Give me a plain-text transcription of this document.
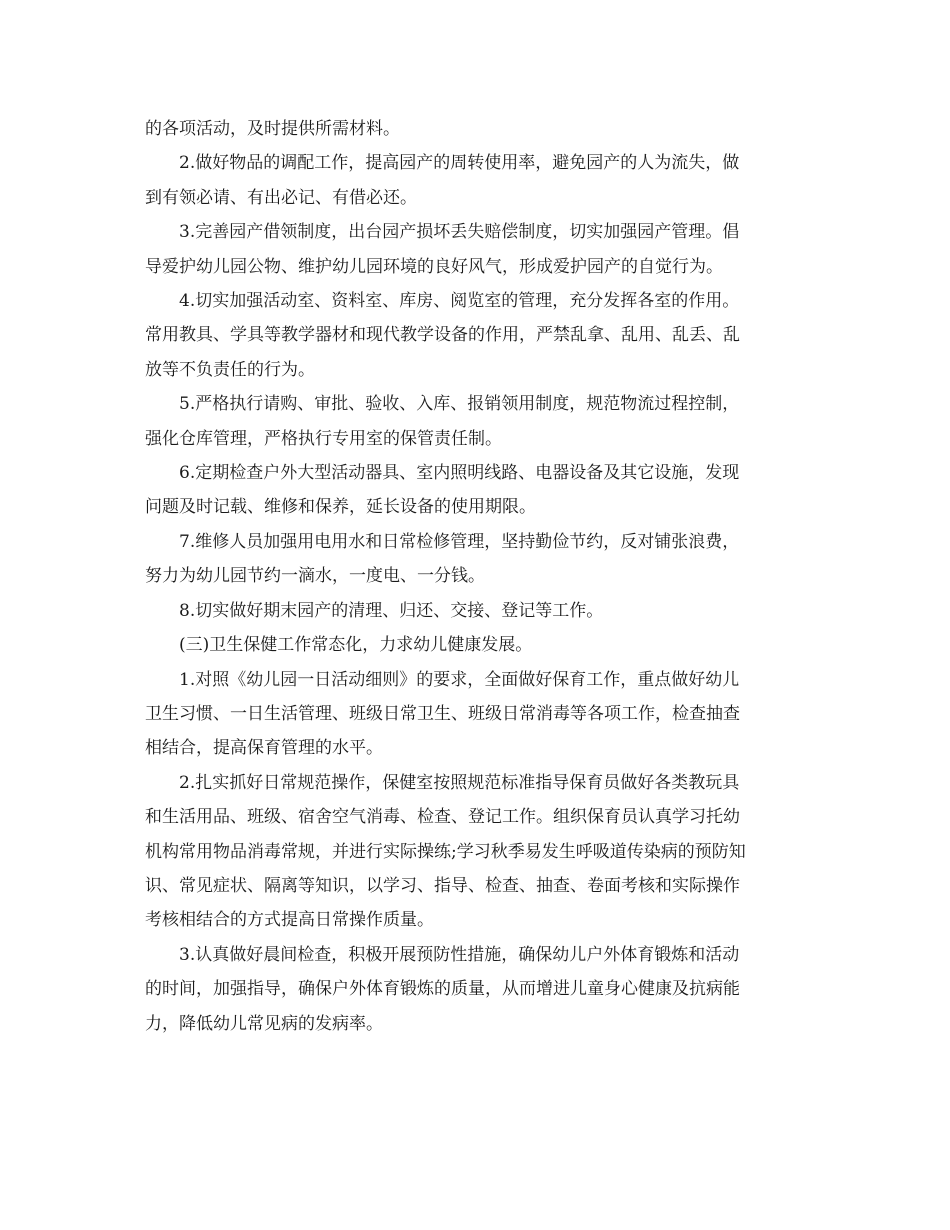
的各项活动，及时提供所需材料。
2.做好物品的调配工作，提高园产的周转使用率，避免园产的人为流失，做
到有领必请、有出必记、有借必还。
3.完善园产借领制度，出台园产损坏丢失赔偿制度，切实加强园产管理。倡
导爱护幼儿园公物、维护幼儿园环境的良好风气，形成爱护园产的自觉行为。
4.切实加强活动室、资料室、库房、阅览室的管理，充分发挥各室的作用。
常用教具、学具等教学器材和现代教学设备的作用，严禁乱拿、乱用、乱丢、乱
放等不负责任的行为。
5.严格执行请购、审批、验收、入库、报销领用制度，规范物流过程控制，
强化仓库管理，严格执行专用室的保管责任制。
6.定期检查户外大型活动器具、室内照明线路、电器设备及其它设施，发现
问题及时记载、维修和保养，延长设备的使用期限。
7.维修人员加强用电用水和日常检修管理，坚持勤俭节约，反对铺张浪费，
努力为幼儿园节约一滴水，一度电、一分钱。
8.切实做好期末园产的清理、归还、交接、登记等工作。
(三)卫生保健工作常态化，力求幼儿健康发展。
1.对照《幼儿园一日活动细则》的要求，全面做好保育工作，重点做好幼儿
卫生习惯、一日生活管理、班级日常卫生、班级日常消毒等各项工作，检查抽查
相结合，提高保育管理的水平。
2.扎实抓好日常规范操作，保健室按照规范标准指导保育员做好各类教玩具
和生活用品、班级、宿舍空气消毒、检查、登记工作。组织保育员认真学习托幼
机构常用物品消毒常规，并进行实际操练;学习秋季易发生呼吸道传染病的预防知
识、常见症状、隔离等知识，以学习、指导、检查、抽查、卷面考核和实际操作
考核相结合的方式提高日常操作质量。
3.认真做好晨间检查，积极开展预防性措施，确保幼儿户外体育锻炼和活动
的时间，加强指导，确保户外体育锻炼的质量，从而增进儿童身心健康及抗病能
力，降低幼儿常见病的发病率。
